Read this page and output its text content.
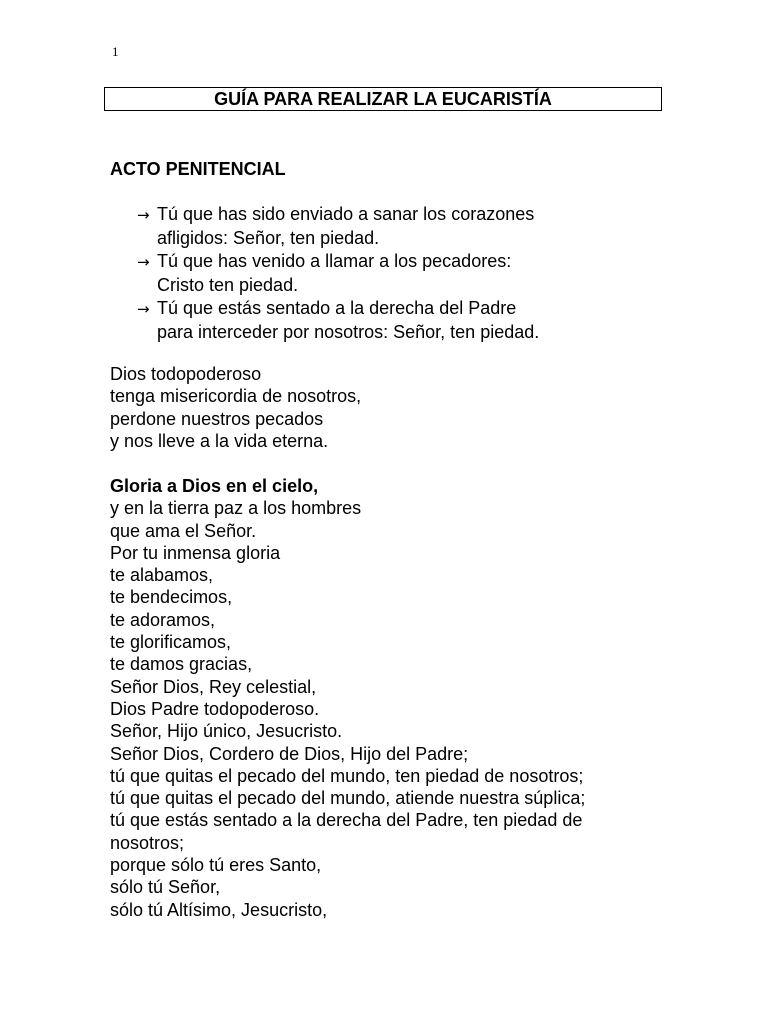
1
GUÍA PARA REALIZAR LA EUCARISTÍA
ACTO PENITENCIAL
→ Tú que has sido enviado a sanar los corazones
afligidos: Señor, ten piedad.
→ Tú que has venido a llamar a los pecadores:
Cristo ten piedad.
→ Tú que estás sentado a la derecha del Padre
para interceder por nosotros: Señor, ten piedad.
Dios todopoderoso
tenga misericordia de nosotros,
perdone nuestros pecados
y nos lleve a la vida eterna.
Gloria a Dios en el cielo,
y en la tierra paz a los hombres
que ama el Señor.
Por tu inmensa gloria
te alabamos,
te bendecimos,
te adoramos,
te glorificamos,
te damos gracias,
Señor Dios, Rey celestial,
Dios Padre todopoderoso.
Señor, Hijo único, Jesucristo.
Señor Dios, Cordero de Dios, Hijo del Padre;
tú que quitas el pecado del mundo, ten piedad de nosotros;
tú que quitas el pecado del mundo, atiende nuestra súplica;
tú que estás sentado a la derecha del Padre, ten piedad de
nosotros;
porque sólo tú eres Santo,
sólo tú Señor,
sólo tú Altísimo, Jesucristo,
